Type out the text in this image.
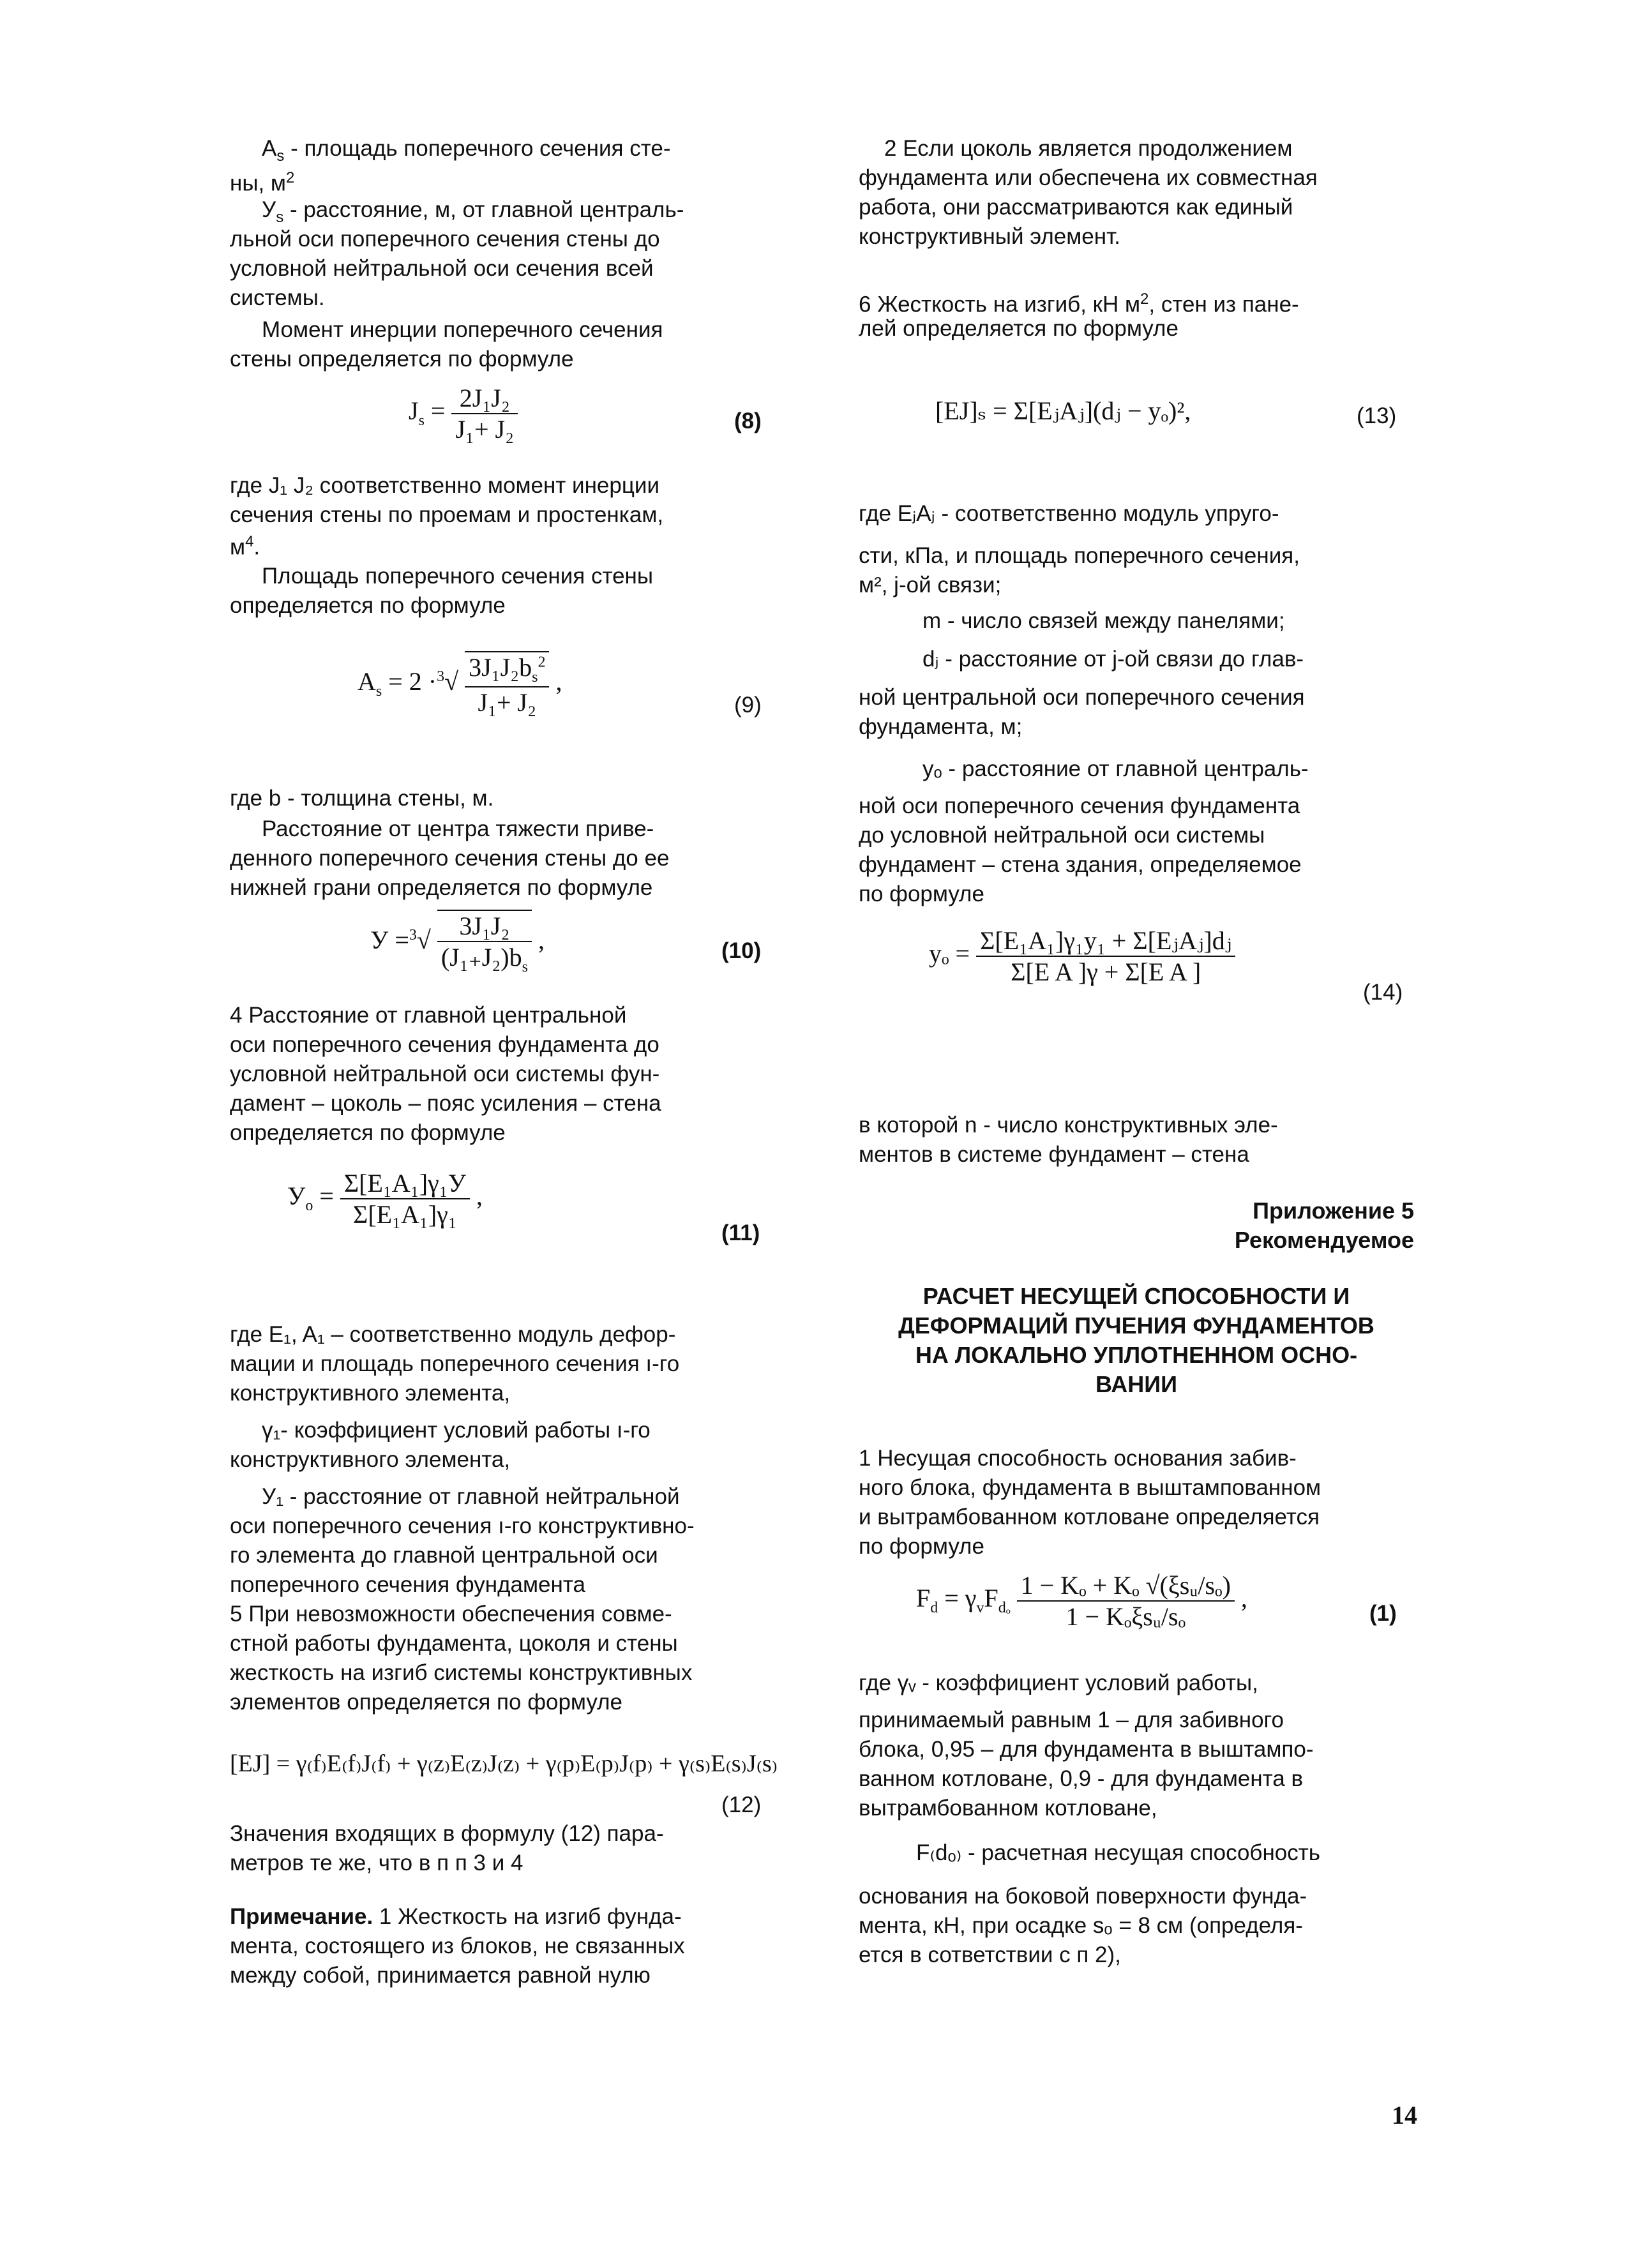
$А_s$ - площадь поперечного сечения сте-

ны, $м^2$

$У_s$ - расстояние, м, от главной централь-

льной оси поперечного сечения стены до

условной нейтральной оси сечения всей

системы.

Момент инерции поперечного сечения

стены определяется по формуле

$J_s = \frac{\text{2J₁J₂}}{\text{J₁+ J₂}}$	(8)

где J₁ J₂ соответственно момент инерции

сечения стены по проемам и простенкам,

$м^4$.

Площадь поперечного сечения стены

определяется по формуле

$A_s = 2 \cdot^3√ \frac{3J_1J_2b_s^2}{\text{J₁+ J₂}}$ ,
(9)

где b - толщина стены, м.

Расстояние от центра тяжести приве-

денного поперечного сечения стены до ее

нижней грани определяется по формуле

$У =^3√ \frac{\text{3J₁J₂}}{(J_{1+}J_2)b_s}$ ,	(10)

4 Расстояние от главной центральной

оси поперечного сечения фундамента до

условной нейтральной оси системы фун-

дамент – цоколь – пояс усиления – стена

определяется по формуле

$У_о = \frac{\text{Σ[E₁A₁]γ₁У}}{\text{Σ[E₁A₁]γ₁}}$ ,
(11)

где E₁, A₁ – соответственно модуль дефор-

мации и площадь поперечного сечения ı-го

конструктивного элемента,

γ₁- коэффициент условий работы ı-го

конструктивного элемента,

У₁ - расстояние от главной нейтральной

оси поперечного сечения ı-го конструктивно-

го элемента до главной центральной оси

поперечного сечения фундамента

5 При невозможности обеспечения совме-

стной работы фундамента, цоколя и стены

жесткость на изгиб системы конструктивных

элементов определяется по формуле

[EJ] = γ₍f₎E₍f₎J₍f₎ + γ₍z₎E₍z₎J₍z₎ + γ₍p₎E₍p₎J₍p₎ + γ₍s₎E₍s₎J₍s₎
(12)

Значения входящих в формулу (12) пара-

метров те же, что в п п 3 и 4

Примечание. 1 Жесткость на изгиб фунда-

мента, состоящего из блоков, не связанных

между собой, принимается равной нулю

2 Если цоколь является продолжением

фундамента или обеспечена их совместная

работа, они рассматриваются как единый

конструктивный элемент.

6 Жесткость на изгиб, кН $м^2$, стен из пане-

лей определяется по формуле

[EJ]ₛ = Σ[EⱼAⱼ](dⱼ − yₒ)²,	(13)

где EⱼAⱼ - соответственно модуль упруго-

сти, кПа, и площадь поперечного сечения,

м², j-ой связи;

m - число связей между панелями;

dⱼ - расстояние от j-ой связи до глав-

ной центральной оси поперечного сечения

фундамента, м;

yₒ - расстояние от главной централь-

ной оси поперечного сечения фундамента

до условной нейтральной оси системы

фундамент – стена здания, определяемое

по формуле

$y_o = \frac{\text{Σ[E₁A₁]γ₁y₁ + Σ[EⱼAⱼ]dⱼ}}{\text{Σ[E A ]γ + Σ[E A ]}}$
(14)

в которой n - число конструктивных эле-

ментов в системе фундамент – стена

Приложение 5
Рекомендуемое
РАСЧЕТ НЕСУЩЕЙ СПОСОБНОСТИ И
ДЕФОРМАЦИЙ ПУЧЕНИЯ ФУНДАМЕНТОВ
НА ЛОКАЛЬНО УПЛОТНЕННОМ ОСНО-
ВАНИИ

1 Несущая способность основания забив-

ного блока, фундамента в выштампованном

и вытрамбованном котловане определяется

по формуле

$F_d = \gamma_vF_{d_o} \frac{\text{1 − Kₒ + Kₒ √(ξsᵤ/sₒ)}}{\text{1 − Kₒξsᵤ/sₒ}}$ ,
(1)

где γᵥ - коэффициент условий работы,

принимаемый равным 1 – для забивного

блока, 0,95 – для фундамента в выштампо-

ванном котловане, 0,9 - для фундамента в

вытрамбованном котловане,

F₍dₒ₎ - расчетная несущая способность

основания на боковой поверхности фунда-

мента, кН, при осадке sₒ = 8 см (определя-

ется в сответствии с п 2),

14
